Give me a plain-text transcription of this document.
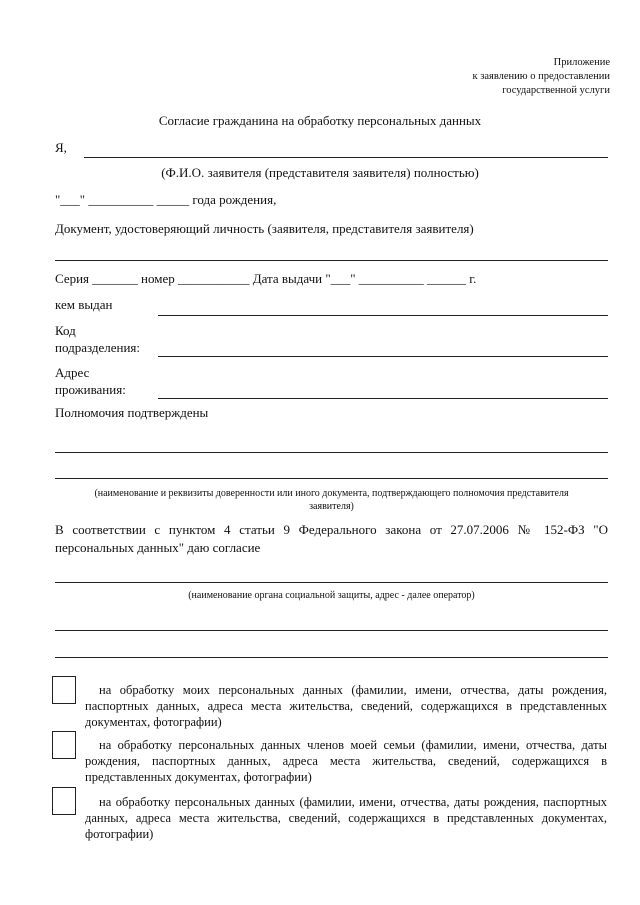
Приложение
к заявлению о предоставлении
государственной услуги
Согласие гражданина на обработку персональных данных
Я,
(Ф.И.О. заявителя (представителя заявителя) полностью)
"___" __________ _____ года рождения,
Документ, удостоверяющий личность (заявителя, представителя заявителя)
Серия _______ номер ___________ Дата выдачи "___" __________ ______ г.
кем выдан
Код
подразделения:
Адрес
проживания:
Полномочия подтверждены
(наименование и реквизиты доверенности или иного документа, подтверждающего полномочия представителя
заявителя)
В соответствии с пунктом 4 статьи 9 Федерального закона от 27.07.2006 № 152-ФЗ "О
персональных данных" даю согласие
(наименование органа социальной защиты, адрес - далее оператор)
на обработку моих персональных данных (фамилии, имени, отчества, даты рождения, паспортных данных, адреса места жительства, сведений, содержащихся в представленных документах, фотографии)
на обработку персональных данных членов моей семьи (фамилии, имени, отчества, даты рождения, паспортных данных, адреса места жительства, сведений, содержащихся в представленных документах, фотографии)
на обработку персональных данных (фамилии, имени, отчества, даты рождения, паспортных данных, адреса места жительства, сведений, содержащихся в представленных документах, фотографии)
